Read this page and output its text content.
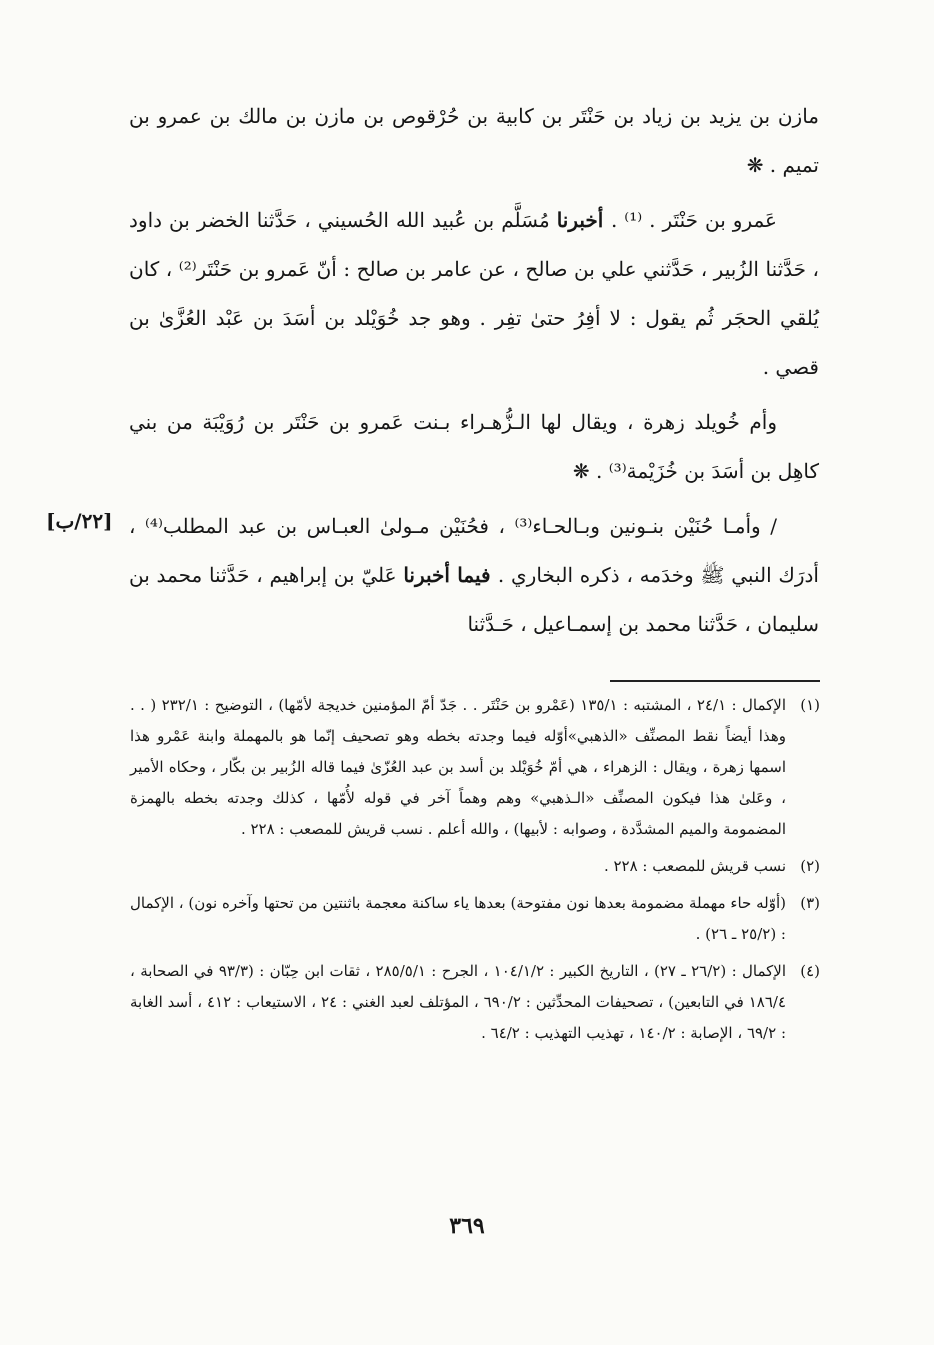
مازن بن يزيد بن زياد بن حَنْتَر بن كابية بن حُرْقوص بن مازن بن مالك بن عمرو بن تميم . ❋

عَمرو بن حَنْتَر . ⁽¹⁾ . أخبرنا مُسَلَّم بن عُبيد الله الحُسيني ، حَدَّثنا الخضر بن داود ، حَدَّثنا الزُبير ، حَدَّثني علي بن صالح ، عن عامر بن صالح : أنّ عَمرو بن حَنْتَر⁽²⁾ ، كان يُلقي الحجَر ثُم يقول : لا أفِرُ حتىٰ تفِر . وهو جد خُوَيْلد بن أسَدَ بن عَبْد العُزَّىٰ بن قصي .

وأم خُويلد زهرة ، ويقال لها الـزُّهـراء بـنت عَمرو بن حَنْتَر بن رُوَيْبَة من بني كاهِل بن أسَدَ بن خُزَيْمة⁽³⁾ . ❋

/ وأمـا حُنَيْن بنـونين وبـالحـاء⁽³⁾ ، فحُنَيْن مـولىٰ العبـاس بن عبد المطلب⁽⁴⁾ ، أدرَك النبي ﷺ وخدَمه ، ذكره البخاري . فيما أخبرنا عَليّ بن إبراهيم ، حَدَّثنا محمد بن سليمان ، حَدَّثنا محمد بن إسمـاعيل ، حَـدَّثنا

[٢٢/ب]

(١)الإكمال : ٢٤/١ ، المشتبه : ١٣٥/١ (عَمْرو بن حَنْتَر . . جَدّ أمّ المؤمنين خديجة لأمّها) ، التوضيح : ٢٣٢/١ ( . . وهذا أيضاً نقط المصنِّف «الذهبي»أوّله فيما وجدته بخطه وهو تصحيف إنّما هو بالمهملة وابنة عَمْرو هذا اسمها زهرة ، ويقال : الزهراء ، هي أمّ خُوَيْلد بن أسد بن عبد العُزّىٰ فيما قاله الزُبير بن بكّار ، وحكاه الأمير ، وعَلىٰ هذا فيكون المصنِّف «الـذهبي» وهم وهماً آخر في قوله لأُمّها ، كذلك وجدته بخطه بالهمزة المضمومة والميم المشدَّدة ، وصوابه : لأبيها) ، والله أعلم . نسب قريش للمصعب : ٢٢٨ .

(٢)نسب قريش للمصعب : ٢٢٨ .

(٣)(أوّله حاء مهملة مضمومة بعدها نون مفتوحة) بعدها ياء ساكنة معجمة باثنتين من تحتها وآخره نون) ، الإكمال : (٢٥/٢ ـ ٢٦) .

(٤)الإكمال : (٢٦/٢ ـ ٢٧) ، التاريخ الكبير : ١٠٤/١/٢ ، الجرح : ٢٨٥/٥/١ ، ثقات ابن حِبّان : (٩٣/٣ في الصحابة ، ١٨٦/٤ في التابعين) ، تصحيفات المحدِّثين : ٦٩٠/٢ ، المؤتلف لعبد الغني : ٢٤ ، الاستيعاب : ٤١٢ ، أسد الغابة : ٦٩/٢ ، الإصابة : ١٤٠/٢ ، تهذيب التهذيب : ٦٤/٢ .

٣٦٩
